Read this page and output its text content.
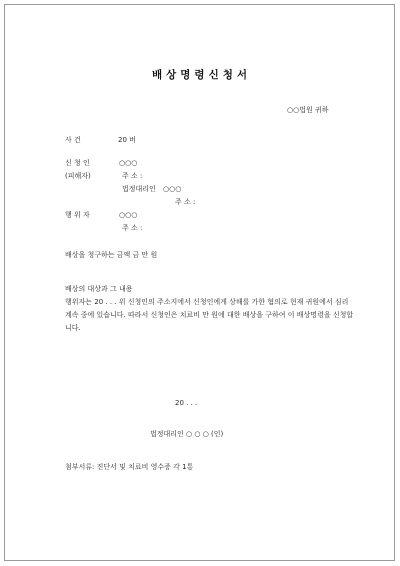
배상명령신청서
○○법원 귀하
사 건	20 버
신 청 인	○○○
(피해자)	주 소 :
법정대리인 ○○○
주 소 :
행 위 자	○○○
주 소 :
배상을 청구하는 금액 금 만 원
배상의 대상과 그 내용
행위자는 20 . . . 위 신청인의 주소지에서 신청인에게 상해를 가한 혐의로 현재 귀원에서 심리 계속 중에 있습니다. 따라서 신청인은 치료비 만 원에 대한 배상을 구하여 이 배상명령을 신청합니다.
20 . . .
법정대리인 ○ ○ ○ (인)
첨부서류: 진단서 및 치료비 영수증 각 1통
